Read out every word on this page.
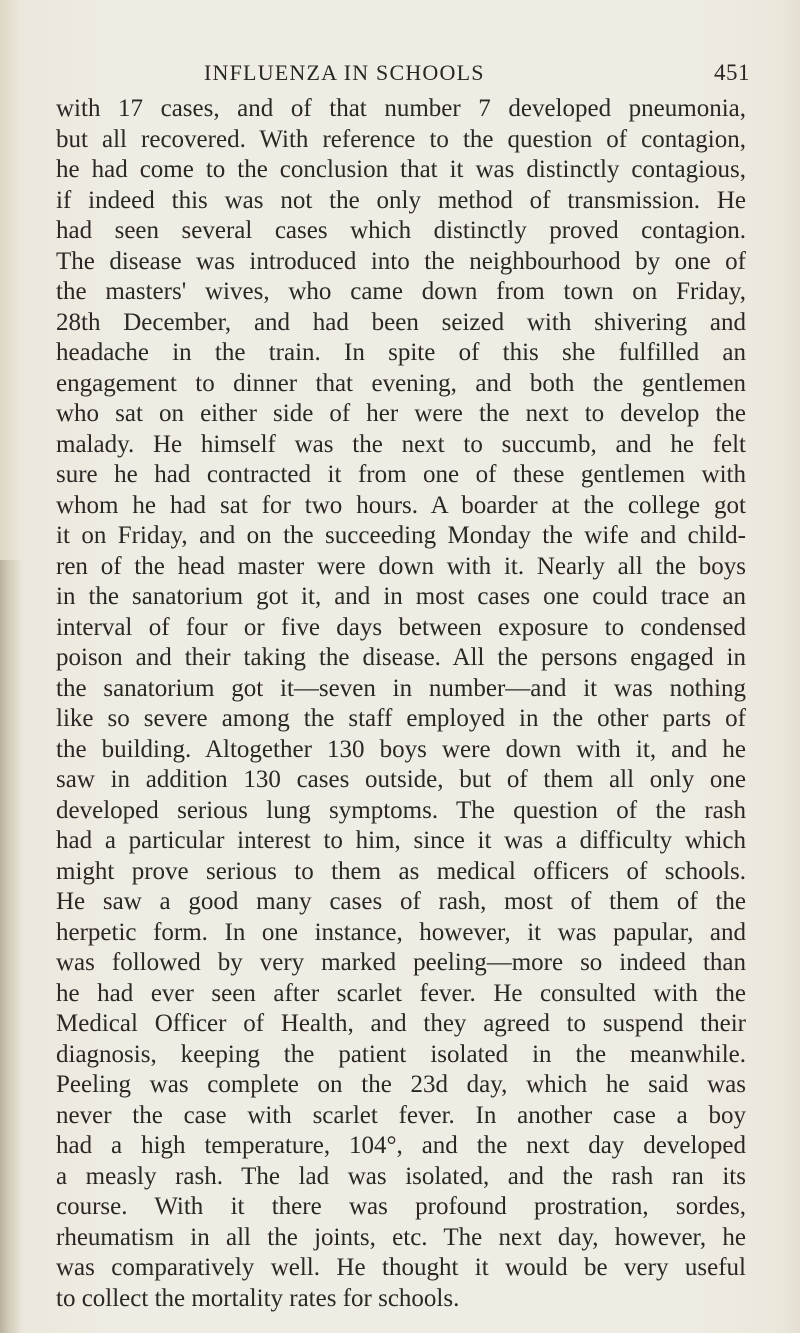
INFLUENZA IN SCHOOLS	451
with 17 cases, and of that number 7 developed pneumonia,
but all recovered. With reference to the question of contagion,
he had come to the conclusion that it was distinctly contagious,
if indeed this was not the only method of transmission. He
had seen several cases which distinctly proved contagion.
The disease was introduced into the neighbourhood by one of
the masters' wives, who came down from town on Friday,
28th December, and had been seized with shivering and
headache in the train. In spite of this she fulfilled an
engagement to dinner that evening, and both the gentlemen
who sat on either side of her were the next to develop the
malady. He himself was the next to succumb, and he felt
sure he had contracted it from one of these gentlemen with
whom he had sat for two hours. A boarder at the college got
it on Friday, and on the succeeding Monday the wife and child-
ren of the head master were down with it. Nearly all the boys
in the sanatorium got it, and in most cases one could trace an
interval of four or five days between exposure to condensed
poison and their taking the disease. All the persons engaged in
the sanatorium got it—seven in number—and it was nothing
like so severe among the staff employed in the other parts of
the building. Altogether 130 boys were down with it, and he
saw in addition 130 cases outside, but of them all only one
developed serious lung symptoms. The question of the rash
had a particular interest to him, since it was a difficulty which
might prove serious to them as medical officers of schools.
He saw a good many cases of rash, most of them of the
herpetic form. In one instance, however, it was papular, and
was followed by very marked peeling—more so indeed than
he had ever seen after scarlet fever. He consulted with the
Medical Officer of Health, and they agreed to suspend their
diagnosis, keeping the patient isolated in the meanwhile.
Peeling was complete on the 23d day, which he said was
never the case with scarlet fever. In another case a boy
had a high temperature, 104°, and the next day developed
a measly rash. The lad was isolated, and the rash ran its
course. With it there was profound prostration, sordes,
rheumatism in all the joints, etc. The next day, however, he
was comparatively well. He thought it would be very useful
to collect the mortality rates for schools.
